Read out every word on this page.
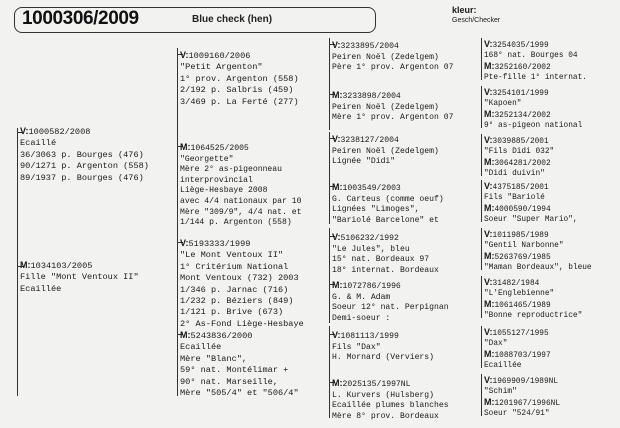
1000306/2009	Blue check (hen)
kleur:
Gesch/Checker
V:1000582/2008
Ecaillé
36/3063 p. Bourges (476)
90/1271 p. Argenton (558)
89/1937 p. Bourges (476)
M:1034103/2005
Fille "Mont Ventoux II"
Ecaillée
V:1009160/2006
"Petit Argenton"
1° prov. Argenton (558)
2/192 p. Salbris (459)
3/469 p. La Ferté (277)
M:1064525/2005
"Georgette"
Mère 2° as-pigeonneau
interprovincial
Liège-Hesbaye 2008
avec 4/4 nationaux par 10
Mère "309/9", 4/4 nat. et
1/144 p. Argenton (558)
V:5193333/1999
"Le Mont Ventoux II"
1° Critérium National
Mont Ventoux (732) 2003
1/346 p. Jarnac (716)
1/232 p. Béziers (849)
1/121 p. Brive (673)
2° As-Fond Liège-Hesbaye
M:5243836/2000
Ecaillée
Mère "Blanc",
59° nat. Montélimar +
90° nat. Marseille,
Mère "505/4" et "506/4"
V:3233895/2004
Peiren Noël (Zedelgem)
Père 1° prov. Argenton 07
M:3233898/2004
Peiren Noël (Zedelgem)
Mère 1° prov. Argenton 07
V:3238127/2004
Peiren Noël (Zedelgem)
Lignée "Didi"
M:1003549/2003
G. Carteus (comme oeuf)
Lignées "Limoges",
"Bariolé Barcelone" et
V:5106232/1992
"Le Jules", bleu
15° nat. Bordeaux 97
18° internat. Bordeaux
M:1072786/1996
G. & M. Adam
Soeur 12° nat. Perpignan
Demi-soeur :
V:1081113/1999
Fils "Dax"
H. Mornard (Verviers)
M:2025135/1997NL
L. Kurvers (Hulsberg)
Ecaillée plumes blanches
Mère 8° prov. Bordeaux
V:3254035/1999
168° nat. Bourges 04
M:3252160/2002
Pte-fille 1° internat.
V:3254101/1999
"Kapoen"
M:3252134/2002
9° as-pigeon national
V:3039885/2001
"Fils Didi 032"
M:3064281/2002
"Didi duivin"
V:4375185/2001
Fils "Bariolé
M:4000590/1994
Soeur "Super Mario",
V:1011985/1989
"Gentil Narbonne"
M:5263769/1985
"Maman Bordeaux", bleue
V:31482/1984
"L'Englebienne"
M:1061465/1989
"Bonne reproductrice"
V:1055127/1995
"Dax"
M:1088703/1997
Ecaillée
V:1969909/1989NL
"Schim"
M:1201967/1996NL
Soeur "524/91"
